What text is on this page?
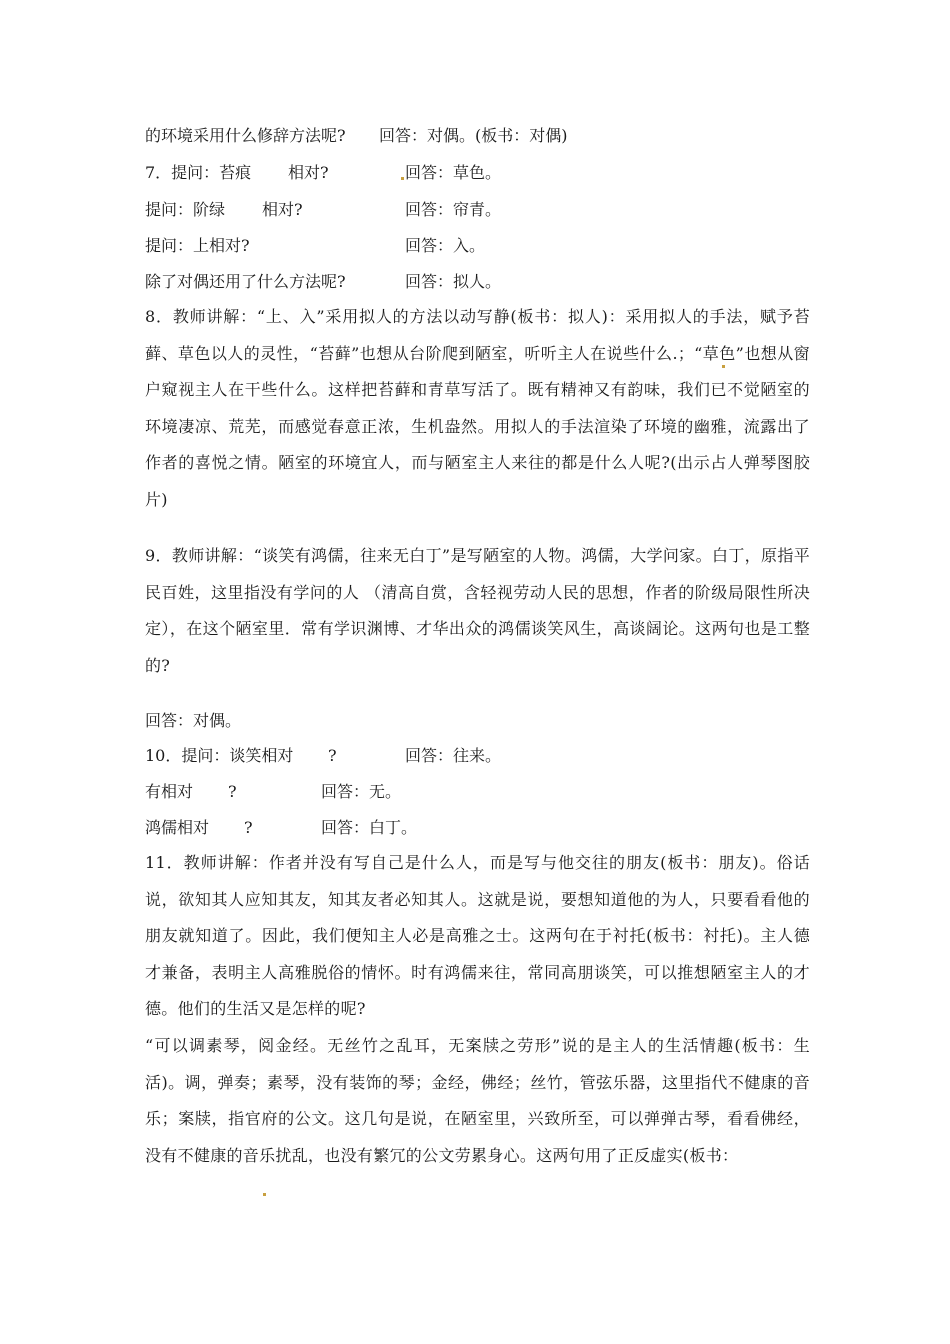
的环境采用什么修辞方法呢? 回答：对偶。(板书：对偶)
7．提问：苔痕 相对?	回答：草色。
提问：阶绿 相对?	回答：帘青。
提问：上相对?	回答：入。
除了对偶还用了什么方法呢?	回答：拟人。
8．教师讲解：“上、入”采用拟人的方法以动写静(板书：拟人)：采用拟人的手法，赋予苔藓、草色以人的灵性，“苔藓”也想从台阶爬到陋室，听听主人在说些什么.；“草色”也想从窗户窥视主人在干些什么。这样把苔藓和青草写活了。既有精神又有韵味，我们已不觉陋室的环境凄凉、荒芜，而感觉春意正浓，生机盎然。用拟人的手法渲染了环境的幽雅，流露出了作者的喜悦之情。陋室的环境宜人，而与陋室主人来往的都是什么人呢?(出示占人弹琴图胶片)
9．教师讲解：“谈笑有鸿儒，往来无白丁”是写陋室的人物。鸿儒，大学问家。白丁，原指平民百姓，这里指没有学问的人 （清高自赏，含轻视劳动人民的思想，作者的阶级局限性所决定），在这个陋室里．常有学识渊博、才华出众的鸿儒谈笑风生，高谈阔论。这两句也是工整的?
回答：对偶。
10．提问：谈笑相对 ?	回答：往来。
有相对 ?	回答：无。
鸿儒相对 ?	回答：白丁。
11．教师讲解：作者并没有写自己是什么人，而是写与他交往的朋友(板书：朋友)。俗话说，欲知其人应知其友，知其友者必知其人。这就是说，要想知道他的为人，只要看看他的朋友就知道了。因此，我们便知主人必是高雅之士。这两句在于衬托(板书：衬托)。主人德才兼备，表明主人高雅脱俗的情怀。时有鸿儒来往，常同高朋谈笑，可以推想陋室主人的才德。他们的生活又是怎样的呢?
“可以调素琴，阅金经。无丝竹之乱耳，无案牍之劳形”说的是主人的生活情趣(板书：生活)。调，弹奏；素琴，没有装饰的琴；金经，佛经；丝竹，管弦乐器，这里指代不健康的音乐；案牍，指官府的公文。这几句是说，在陋室里，兴致所至，可以弹弹古琴，看看佛经，没有不健康的音乐扰乱，也没有繁冗的公文劳累身心。这两句用了正反虚实(板书：
